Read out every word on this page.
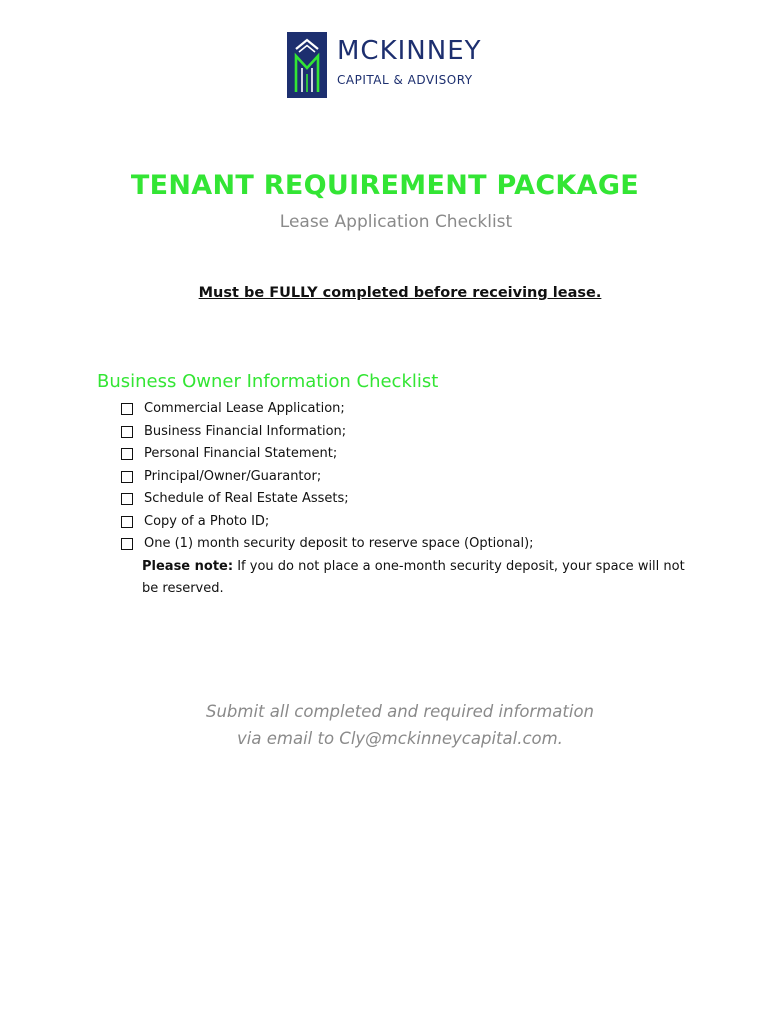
MCKINNEY
CAPITAL & ADVISORY
TENANT REQUIREMENT PACKAGE
Lease Application Checklist
Must be FULLY completed before receiving lease.
Business Owner Information Checklist
Commercial Lease Application;
Business Financial Information;
Personal Financial Statement;
Principal/Owner/Guarantor;
Schedule of Real Estate Assets;
Copy of a Photo ID;
One (1) month security deposit to reserve space (Optional);
Please note: If you do not place a one-month security deposit, your space will not be reserved.
Submit all completed and required information
via email to Cly@mckinneycapital.com.
